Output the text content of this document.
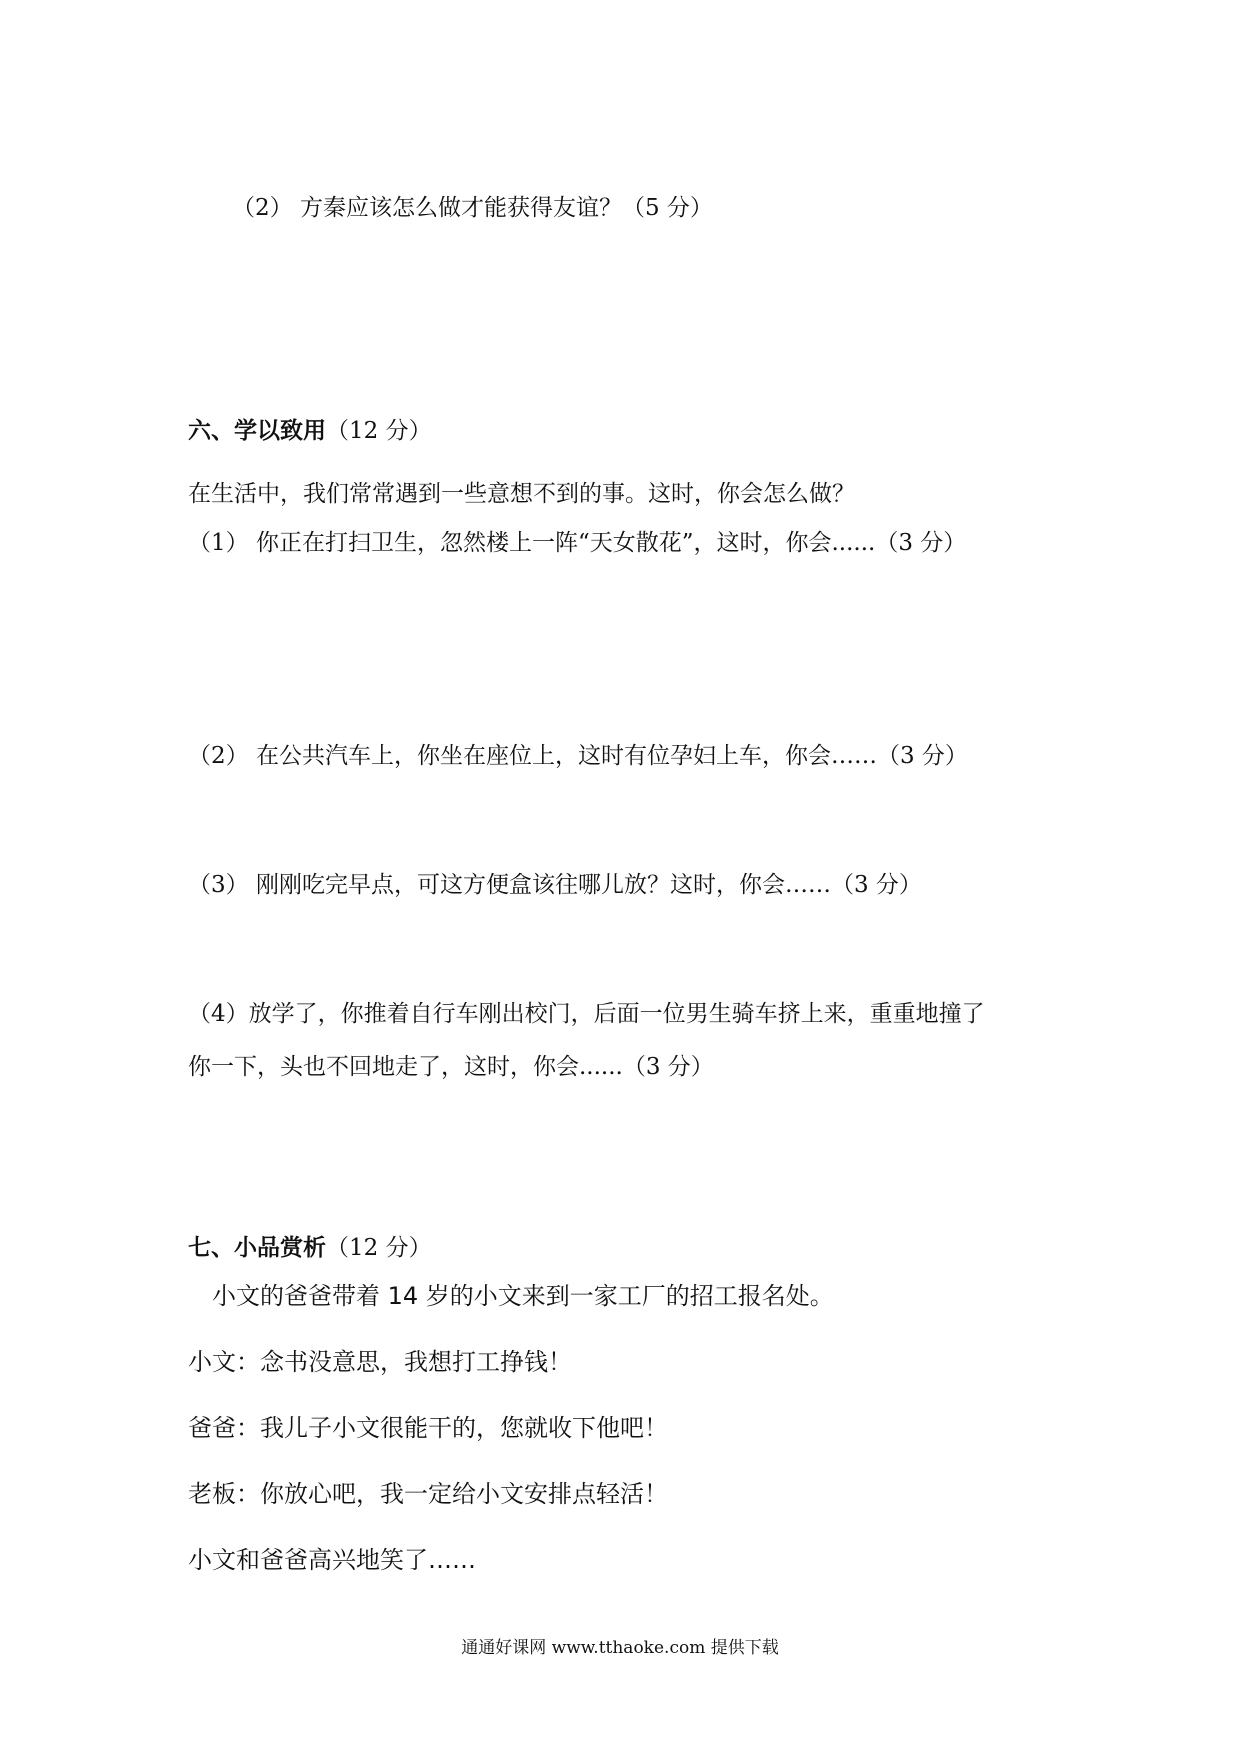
（2） 方秦应该怎么做才能获得友谊？（5 分）
六、学以致用（12 分）
在生活中，我们常常遇到一些意想不到的事。这时，你会怎么做？
（1） 你正在打扫卫生，忽然楼上一阵“天女散花”，这时，你会......（3 分）
（2） 在公共汽车上，你坐在座位上，这时有位孕妇上车，你会……（3 分）
（3） 刚刚吃完早点，可这方便盒该往哪儿放？这时，你会……（3 分）
（4）放学了，你推着自行车刚出校门，后面一位男生骑车挤上来，重重地撞了
你一下，头也不回地走了，这时，你会......（3 分）
七、小品赏析（12 分）
小文的爸爸带着 14 岁的小文来到一家工厂的招工报名处。
小文：念书没意思，我想打工挣钱！
爸爸：我儿子小文很能干的，您就收下他吧！
老板：你放心吧，我一定给小文安排点轻活！
小文和爸爸高兴地笑了……
通通好课网 www.tthaoke.com 提供下载
